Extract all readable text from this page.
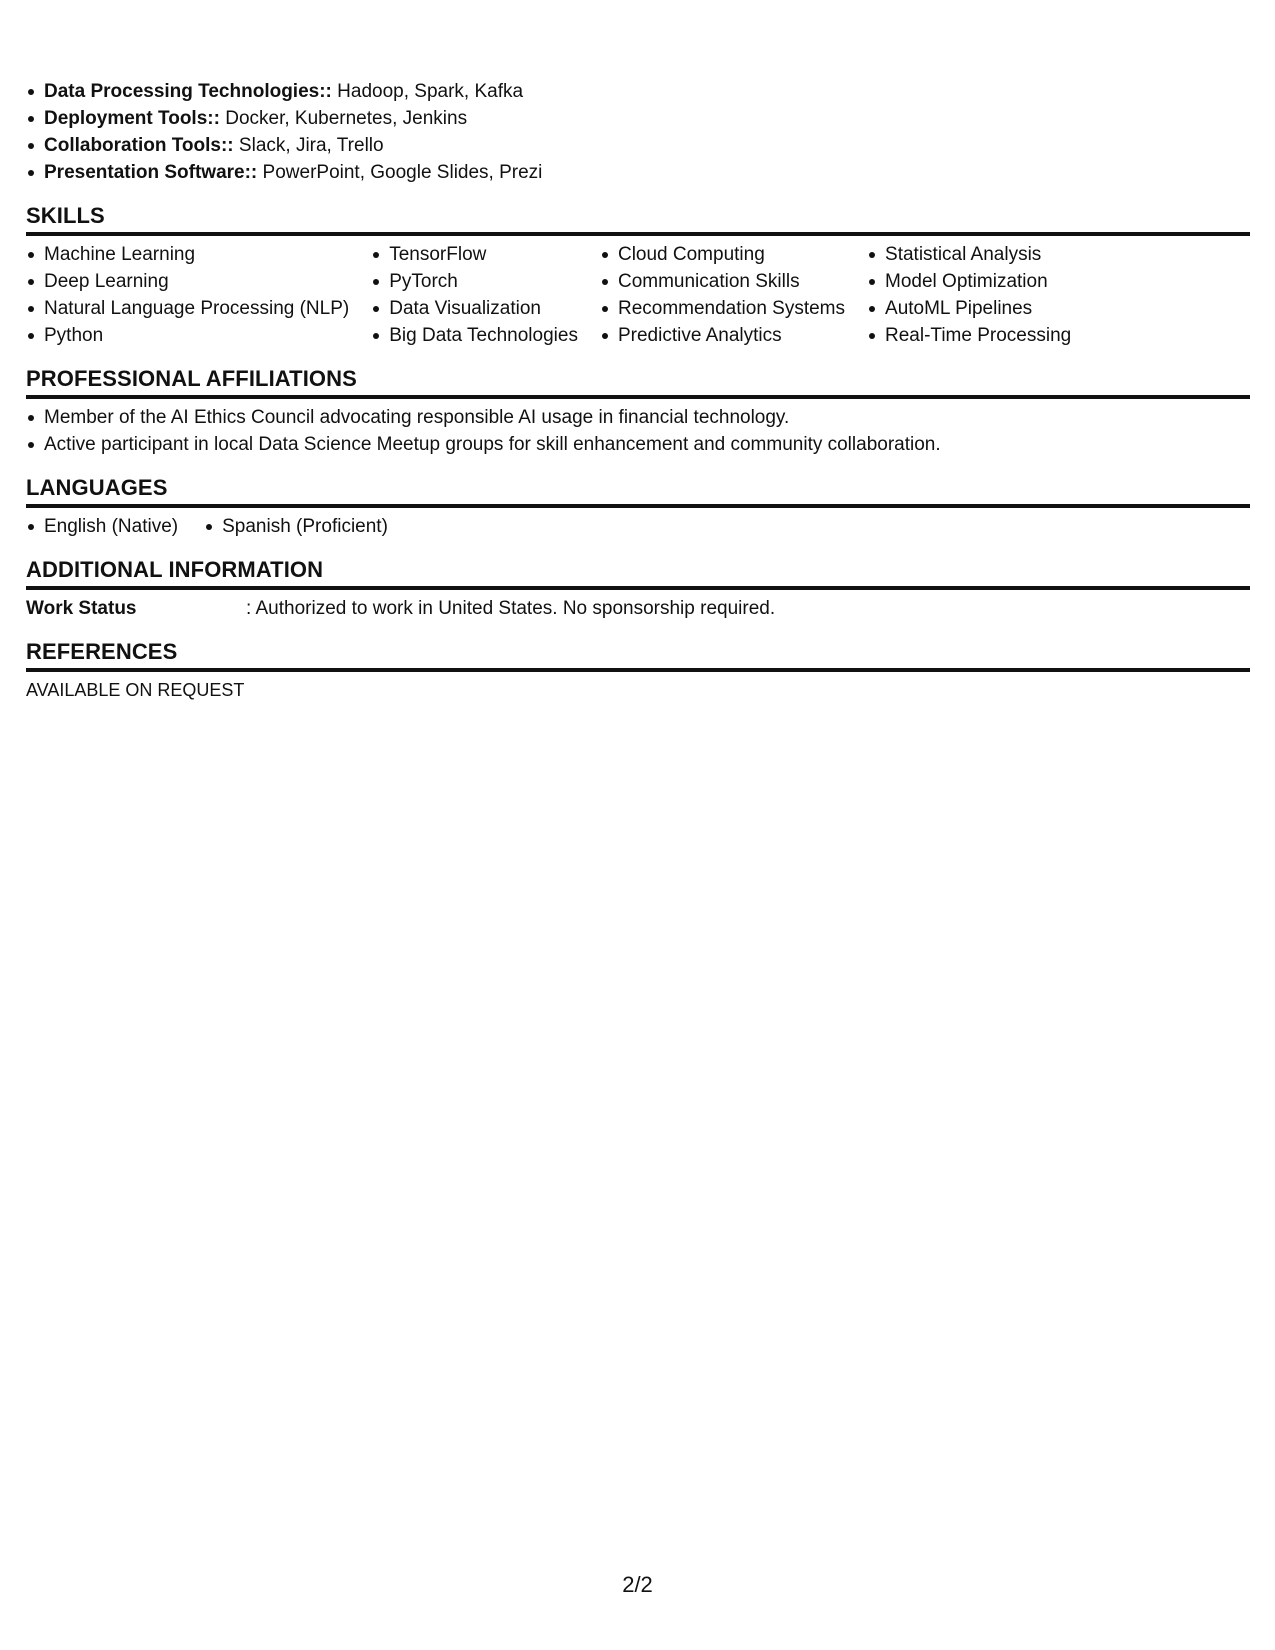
Data Processing Technologies:: Hadoop, Spark, Kafka
Deployment Tools:: Docker, Kubernetes, Jenkins
Collaboration Tools:: Slack, Jira, Trello
Presentation Software:: PowerPoint, Google Slides, Prezi
SKILLS
Machine Learning
Deep Learning
Natural Language Processing (NLP)
Python
TensorFlow
PyTorch
Data Visualization
Big Data Technologies
Cloud Computing
Communication Skills
Recommendation Systems
Predictive Analytics
Statistical Analysis
Model Optimization
AutoML Pipelines
Real-Time Processing
PROFESSIONAL AFFILIATIONS
Member of the AI Ethics Council advocating responsible AI usage in financial technology.
Active participant in local Data Science Meetup groups for skill enhancement and community collaboration.
LANGUAGES
English (Native)	Spanish (Proficient)
ADDITIONAL INFORMATION
Work Status	: Authorized to work in United States. No sponsorship required.
REFERENCES
AVAILABLE ON REQUEST
2/2
